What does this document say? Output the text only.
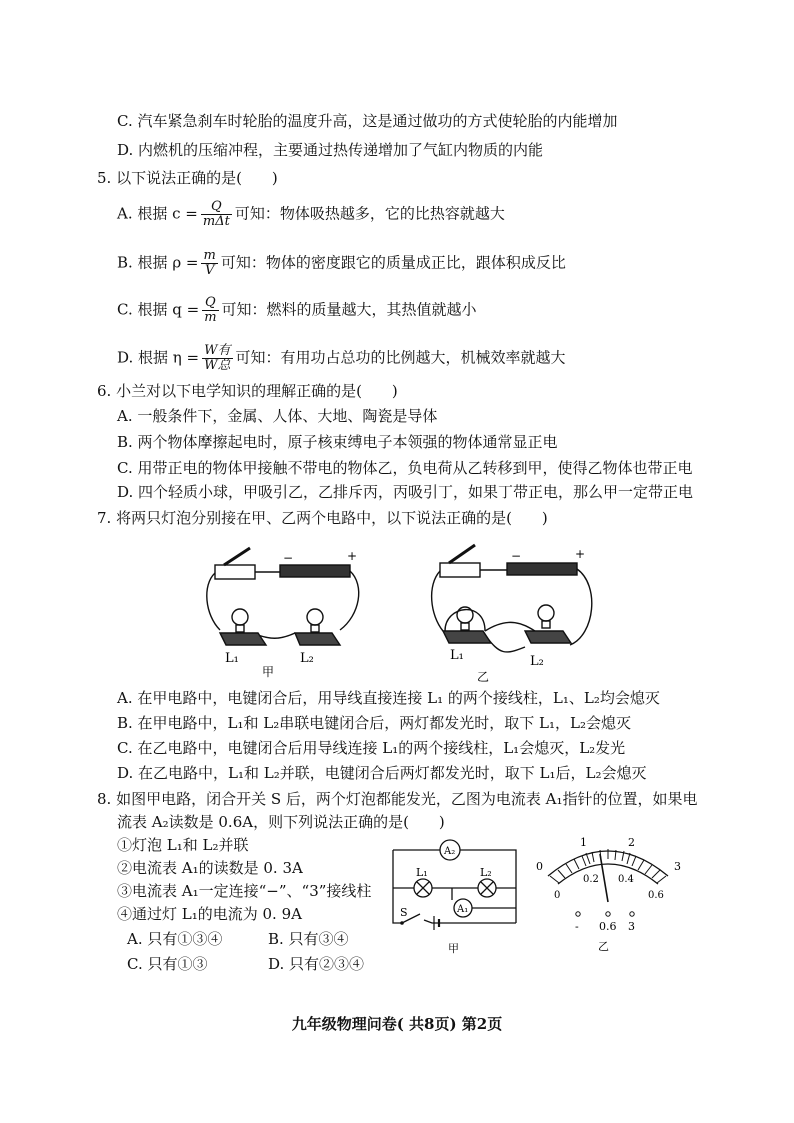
C. 汽车紧急刹车时轮胎的温度升高，这是通过做功的方式使轮胎的内能增加
D. 内燃机的压缩冲程，主要通过热传递增加了气缸内物质的内能
5. 以下说法正确的是(　　)
A. 根据 $c = \frac{Q}{\text{mΔt}}$ 可知：物体吸热越多，它的比热容就越大
B. 根据 $\rho = \frac{m}{V}$ 可知：物体的密度跟它的质量成正比，跟体积成反比
C. 根据 $q = \frac{Q}{m}$ 可知：燃料的质量越大，其热值就越小
D. 根据 $\eta = \frac{\text{W有}}{\text{W总}}$ 可知：有用功占总功的比例越大，机械效率就越大
6. 小兰对以下电学知识的理解正确的是(　　)
A. 一般条件下，金属、人体、大地、陶瓷是导体
B. 两个物体摩擦起电时，原子核束缚电子本领强的物体通常显正电
C. 用带正电的物体甲接触不带电的物体乙，负电荷从乙转移到甲，使得乙物体也带正电
D. 四个轻质小球，甲吸引乙，乙排斥丙，丙吸引丁，如果丁带正电，那么甲一定带正电
7. 将两只灯泡分别接在甲、乙两个电路中，以下说法正确的是(　　)
−	+
L₁	L₂
甲
−	+
L₁	L₂
乙
A. 在甲电路中，电键闭合后，用导线直接连接 L₁ 的两个接线柱，L₁、L₂均会熄灭
B. 在甲电路中，L₁和 L₂串联电键闭合后，两灯都发光时，取下 L₁，L₂会熄灭
C. 在乙电路中，电键闭合后用导线连接 L₁的两个接线柱，L₁会熄灭，L₂发光
D. 在乙电路中，L₁和 L₂并联，电键闭合后两灯都发光时，取下 L₁后，L₂会熄灭
8. 如图甲电路，闭合开关 S 后，两个灯泡都能发光，乙图为电流表 A₁指针的位置，如果电
流表 A₂读数是 0.6A，则下列说法正确的是(　　)
①灯泡 L₁和 L₂并联
②电流表 A₁的读数是 0. 3A
③电流表 A₁一定连接“−”、“3”接线柱
④通过灯 L₁的电流为 0. 9A
A. 只有①③④	B. 只有③④
C. 只有①③	D. 只有②③④
A₂
A₁
L₁	L₂
S
甲
1	2
3
0
0
0.2 0.4
0.6
- 0.6 3
乙
九年级物理问卷( 共8页) 第2页
